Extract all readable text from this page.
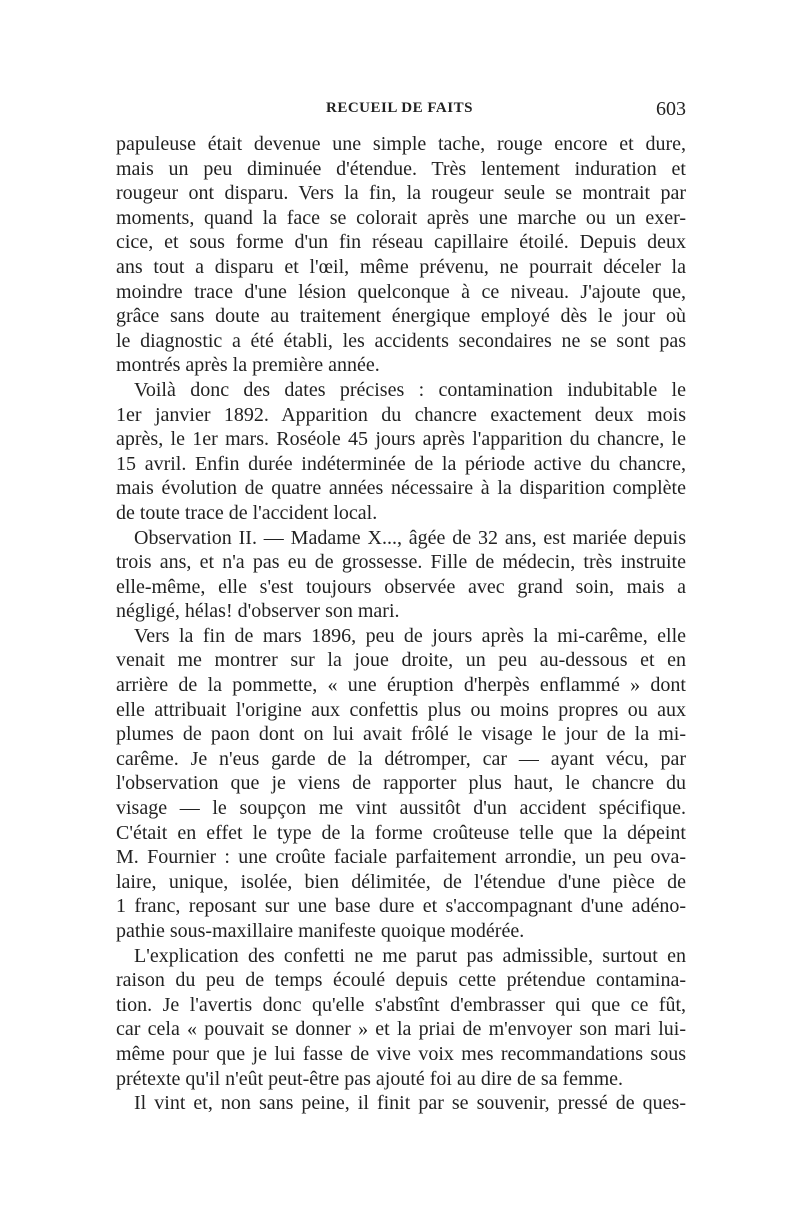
RECUEIL DE FAITS	603

papuleuse était devenue une simple tache, rouge encore et dure,
mais un peu diminuée d'étendue. Très lentement induration et
rougeur ont disparu. Vers la fin, la rougeur seule se montrait par
moments, quand la face se colorait après une marche ou un exer-
cice, et sous forme d'un fin réseau capillaire étoilé. Depuis deux
ans tout a disparu et l'œil, même prévenu, ne pourrait déceler la
moindre trace d'une lésion quelconque à ce niveau. J'ajoute que,
grâce sans doute au traitement énergique employé dès le jour où
le diagnostic a été établi, les accidents secondaires ne se sont pas
montrés après la première année.

Voilà donc des dates précises : contamination indubitable le
1er janvier 1892. Apparition du chancre exactement deux mois
après, le 1er mars. Roséole 45 jours après l'apparition du chancre, le
15 avril. Enfin durée indéterminée de la période active du chancre,
mais évolution de quatre années nécessaire à la disparition complète
de toute trace de l'accident local.

Observation II. — Madame X..., âgée de 32 ans, est mariée depuis
trois ans, et n'a pas eu de grossesse. Fille de médecin, très instruite
elle-même, elle s'est toujours observée avec grand soin, mais a
négligé, hélas! d'observer son mari.

Vers la fin de mars 1896, peu de jours après la mi-carême, elle
venait me montrer sur la joue droite, un peu au-dessous et en
arrière de la pommette, « une éruption d'herpès enflammé » dont
elle attribuait l'origine aux confettis plus ou moins propres ou aux
plumes de paon dont on lui avait frôlé le visage le jour de la mi-
carême. Je n'eus garde de la détromper, car — ayant vécu, par
l'observation que je viens de rapporter plus haut, le chancre du
visage — le soupçon me vint aussitôt d'un accident spécifique.
C'était en effet le type de la forme croûteuse telle que la dépeint
M. Fournier : une croûte faciale parfaitement arrondie, un peu ova-
laire, unique, isolée, bien délimitée, de l'étendue d'une pièce de
1 franc, reposant sur une base dure et s'accompagnant d'une adéno-
pathie sous-maxillaire manifeste quoique modérée.

L'explication des confetti ne me parut pas admissible, surtout en
raison du peu de temps écoulé depuis cette prétendue contamina-
tion. Je l'avertis donc qu'elle s'abstînt d'embrasser qui que ce fût,
car cela « pouvait se donner » et la priai de m'envoyer son mari lui-
même pour que je lui fasse de vive voix mes recommandations sous
prétexte qu'il n'eût peut-être pas ajouté foi au dire de sa femme.

Il vint et, non sans peine, il finit par se souvenir, pressé de ques-
